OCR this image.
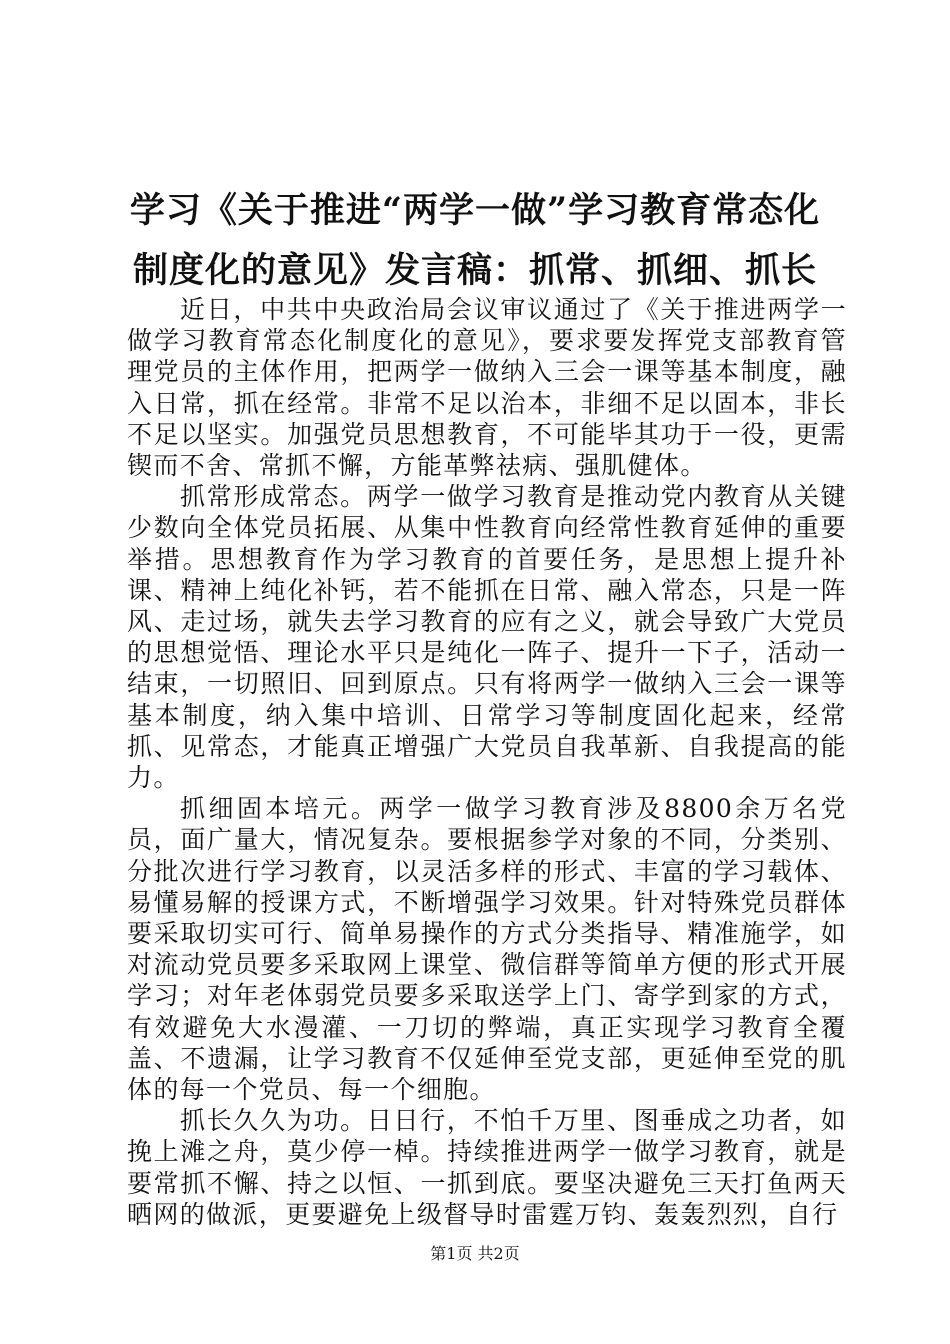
学习《关于推进“两学一做”学习教育常态化
制度化的意见》发言稿：抓常、抓细、抓长

近日，中共中央政治局会议审议通过了《关于推进两学一做学习教育常态化制度化的意见》，要求要发挥党支部教育管理党员的主体作用，把两学一做纳入三会一课等基本制度，融入日常，抓在经常。非常不足以治本，非细不足以固本，非长不足以坚实。加强党员思想教育，不可能毕其功于一役，更需锲而不舍、常抓不懈，方能革弊祛病、强肌健体。

抓常形成常态。两学一做学习教育是推动党内教育从关键少数向全体党员拓展、从集中性教育向经常性教育延伸的重要举措。思想教育作为学习教育的首要任务，是思想上提升补课、精神上纯化补钙，若不能抓在日常、融入常态，只是一阵风、走过场，就失去学习教育的应有之义，就会导致广大党员的思想觉悟、理论水平只是纯化一阵子、提升一下子，活动一结束，一切照旧、回到原点。只有将两学一做纳入三会一课等基本制度，纳入集中培训、日常学习等制度固化起来，经常抓、见常态，才能真正增强广大党员自我革新、自我提高的能力。

抓细固本培元。两学一做学习教育涉及8800余万名党员，面广量大，情况复杂。要根据参学对象的不同，分类别、分批次进行学习教育，以灵活多样的形式、丰富的学习载体、易懂易解的授课方式，不断增强学习效果。针对特殊党员群体要采取切实可行、简单易操作的方式分类指导、精准施学，如对流动党员要多采取网上课堂、微信群等简单方便的形式开展学习；对年老体弱党员要多采取送学上门、寄学到家的方式，有效避免大水漫灌、一刀切的弊端，真正实现学习教育全覆盖、不遗漏，让学习教育不仅延伸至党支部，更延伸至党的肌体的每一个党员、每一个细胞。

抓长久久为功。日日行，不怕千万里、图垂成之功者，如挽上滩之舟，莫少停一棹。持续推进两学一做学习教育，就是要常抓不懈、持之以恒、一抓到底。要坚决避免三天打鱼两天晒网的做派，更要避免上级督导时雷霆万钧、轰轰烈烈，自行

第1页 共2页
